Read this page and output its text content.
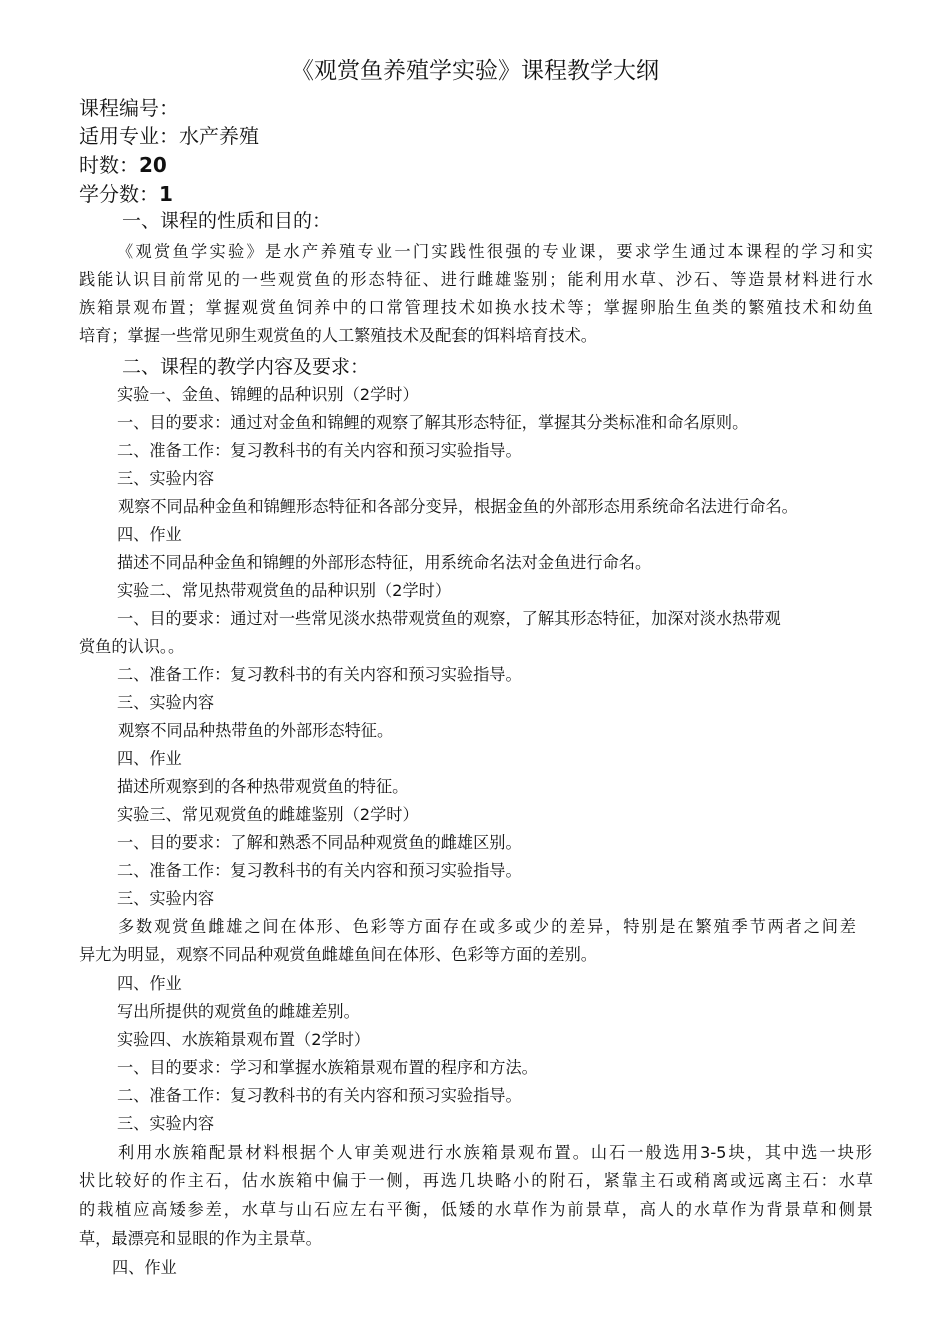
《观赏鱼养殖学实验》课程教学大纲
课程编号：
适用专业：水产养殖
时数：20
学分数：1
一、课程的性质和目的：
《观赏鱼学实验》是水产养殖专业一门实践性很强的专业课，要求学生通过本课程的学习和实
践能认识目前常见的一些观赏鱼的形态特征、进行雌雄鉴别；能利用水草、沙石、等造景材料进行水
族箱景观布置；掌握观赏鱼饲养中的口常管理技术如换水技术等；掌握卵胎生鱼类的繁殖技术和幼鱼
培育；掌握一些常见卵生观赏鱼的人工繁殖技术及配套的饵料培育技术。
二、课程的教学内容及要求：
实验一、金鱼、锦鲤的品种识别（2学时）
一、目的要求：通过对金鱼和锦鲤的观察了解其形态特征，掌握其分类标准和命名原则。
二、准备工作：复习教科书的有关内容和预习实验指导。
三、实验内容
观察不同品种金鱼和锦鲤形态特征和各部分变异，根据金鱼的外部形态用系统命名法进行命名。
四、作业
描述不同品种金鱼和锦鲤的外部形态特征，用系统命名法对金鱼进行命名。
实验二、常见热带观赏鱼的品种识别（2学时）
一、目的要求：通过对一些常见淡水热带观赏鱼的观察，了解其形态特征，加深对淡水热带观
赏鱼的认识。。
二、准备工作：复习教科书的有关内容和预习实验指导。
三、实验内容
观察不同品种热带鱼的外部形态特征。
四、作业
描述所观察到的各种热带观赏鱼的特征。
实验三、常见观赏鱼的雌雄鉴别（2学时）
一、目的要求：了解和熟悉不同品种观赏鱼的雌雄区别。
二、准备工作：复习教科书的有关内容和预习实验指导。
三、实验内容
多数观赏鱼雌雄之间在体形、色彩等方面存在或多或少的差异，特别是在繁殖季节两者之间差
异尢为明显，观察不同品种观赏鱼雌雄鱼间在体形、色彩等方面的差别。
四、作业
写出所提供的观赏鱼的雌雄差别。
实验四、水族箱景观布置（2学时）
一、目的要求：学习和掌握水族箱景观布置的程序和方法。
二、准备工作：复习教科书的有关内容和预习实验指导。
三、实验内容
利用水族箱配景材料根据个人审美观进行水族箱景观布置。山石一般选用3-5块，其中选一块形
状比较好的作主石，估水族箱中偏于一侧，再选几块略小的附石，紧靠主石或稍离或远离主石：水草
的栽植应高矮参差，水草与山石应左右平衡，低矮的水草作为前景草，高人的水草作为背景草和侧景
草，最漂亮和显眼的作为主景草。
四、作业
